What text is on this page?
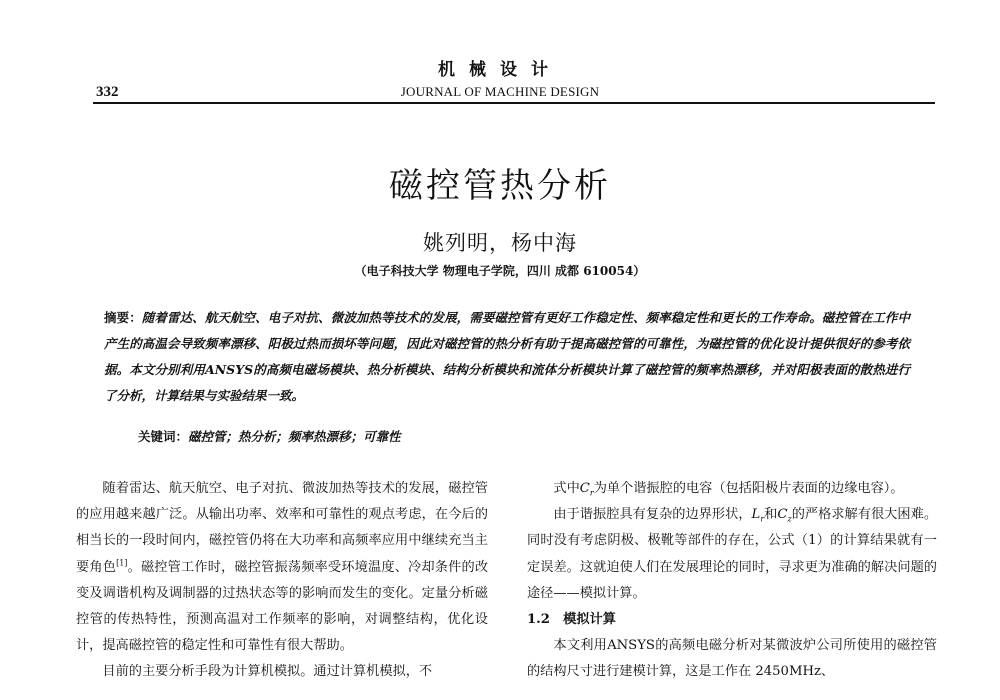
机械设计
332	JOURNAL OF MACHINE DESIGN
磁控管热分析
姚列明，杨中海
（电子科技大学 物理电子学院，四川 成都 610054）
摘要：随着雷达、航天航空、电子对抗、微波加热等技术的发展，需要磁控管有更好工作稳定性、频率稳定性和更长的工作寿命。磁控管在工作中产生的高温会导致频率漂移、阳极过热而损坏等问题，因此对磁控管的热分析有助于提高磁控管的可靠性，为磁控管的优化设计提供很好的参考依据。本文分别利用ANSYS的高频电磁场模块、热分析模块、结构分析模块和流体分析模块计算了磁控管的频率热漂移，并对阳极表面的散热进行了分析，计算结果与实验结果一致。
关键词：磁控管；热分析；频率热漂移；可靠性

随着雷达、航天航空、电子对抗、微波加热等技术的发展，磁控管的应用越来越广泛。从输出功率、效率和可靠性的观点考虑，在今后的相当长的一段时间内，磁控管仍将在大功率和高频率应用中继续充当主要角色[1]。磁控管工作时，磁控管振荡频率受环境温度、冷却条件的改变及调谐机构及调制器的过热状态等的影响而发生的变化。定量分析磁控管的传热特性，预测高温对工作频率的影响，对调整结构，优化设计，提高磁控管的稳定性和可靠性有很大帮助。

目前的主要分析手段为计算机模拟。通过计算机模拟，不

式中$C_r$为单个谐振腔的电容（包括阳极片表面的边缘电容）。

由于谐振腔具有复杂的边界形状，$L_r$和$C_z$的严格求解有很大困难。同时没有考虑阴极、极靴等部件的存在，公式（1）的计算结果就有一定误差。这就迫使人们在发展理论的同时，寻求更为准确的解决问题的途径——模拟计算。

1.2　模拟计算

本文利用ANSYS的高频电磁分析对某微波炉公司所使用的磁控管的结构尺寸进行建模计算，这是工作在 2450MHz、
